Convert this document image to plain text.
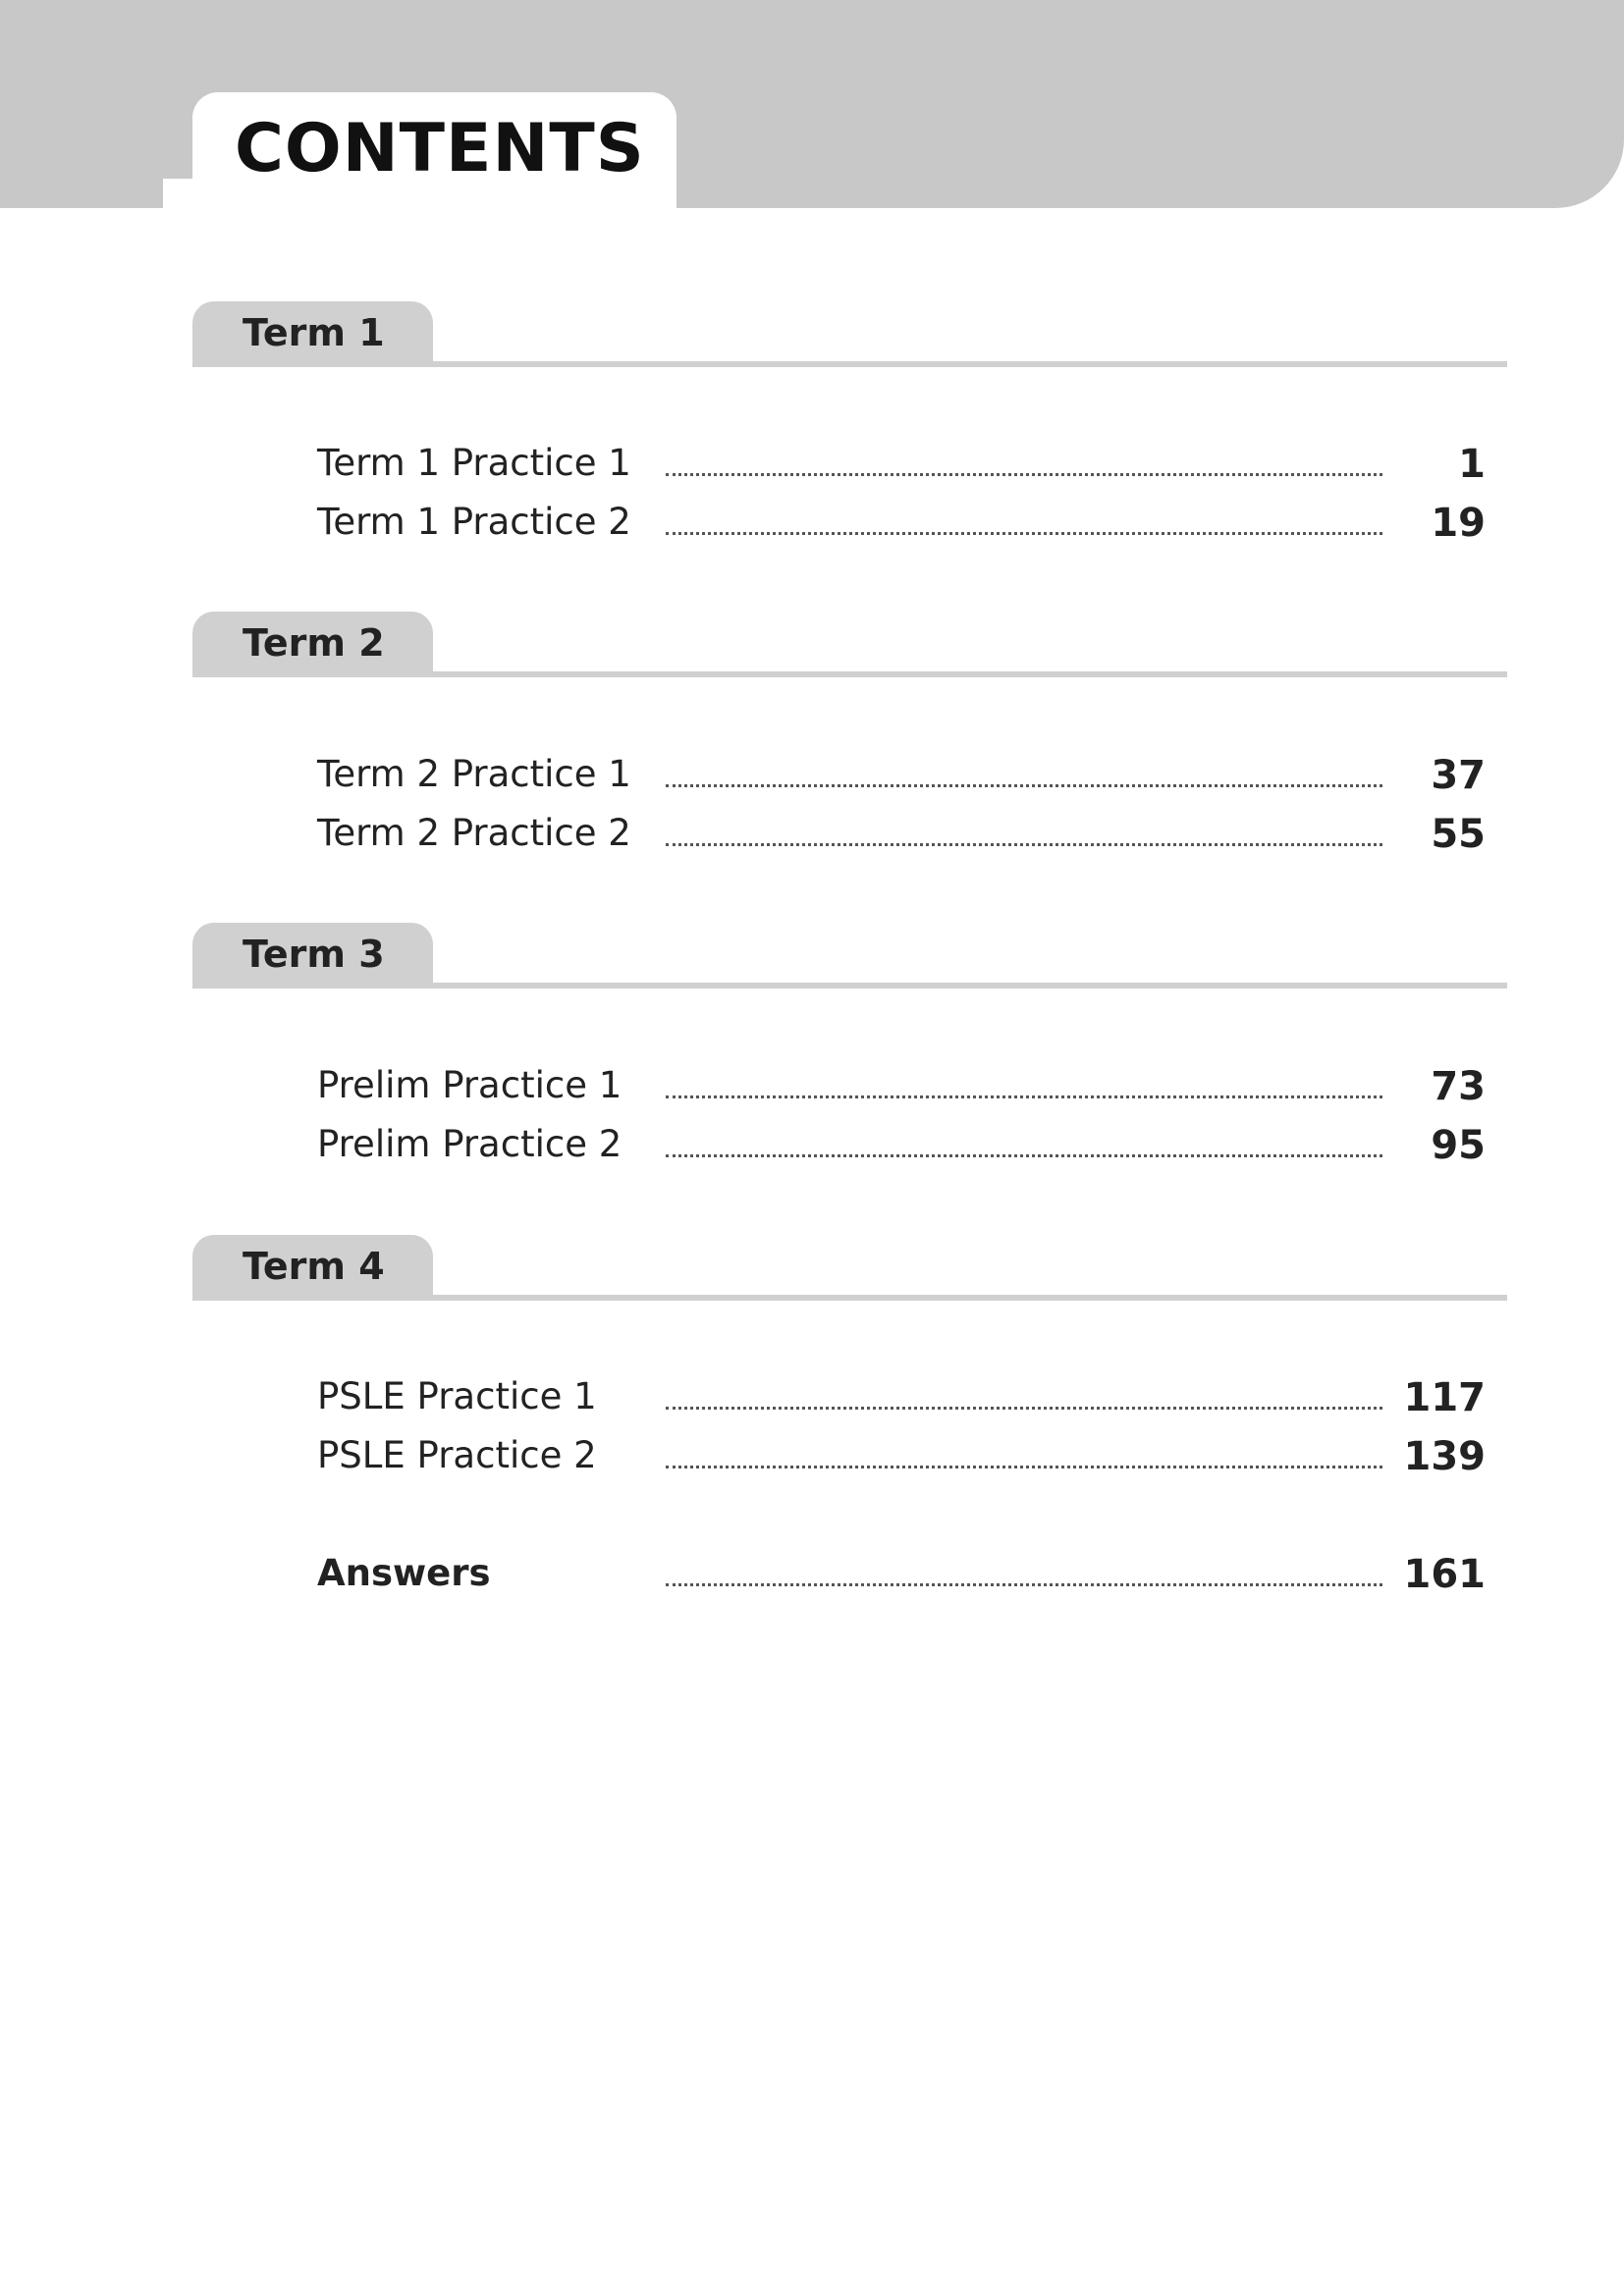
CONTENTS
Term 1
Term 1 Practice 1	1
Term 1 Practice 2	19
Term 2
Term 2 Practice 1	37
Term 2 Practice 2	55
Term 3
Prelim Practice 1	73
Prelim Practice 2	95
Term 4
PSLE Practice 1	117
PSLE Practice 2	139
Answers	161
